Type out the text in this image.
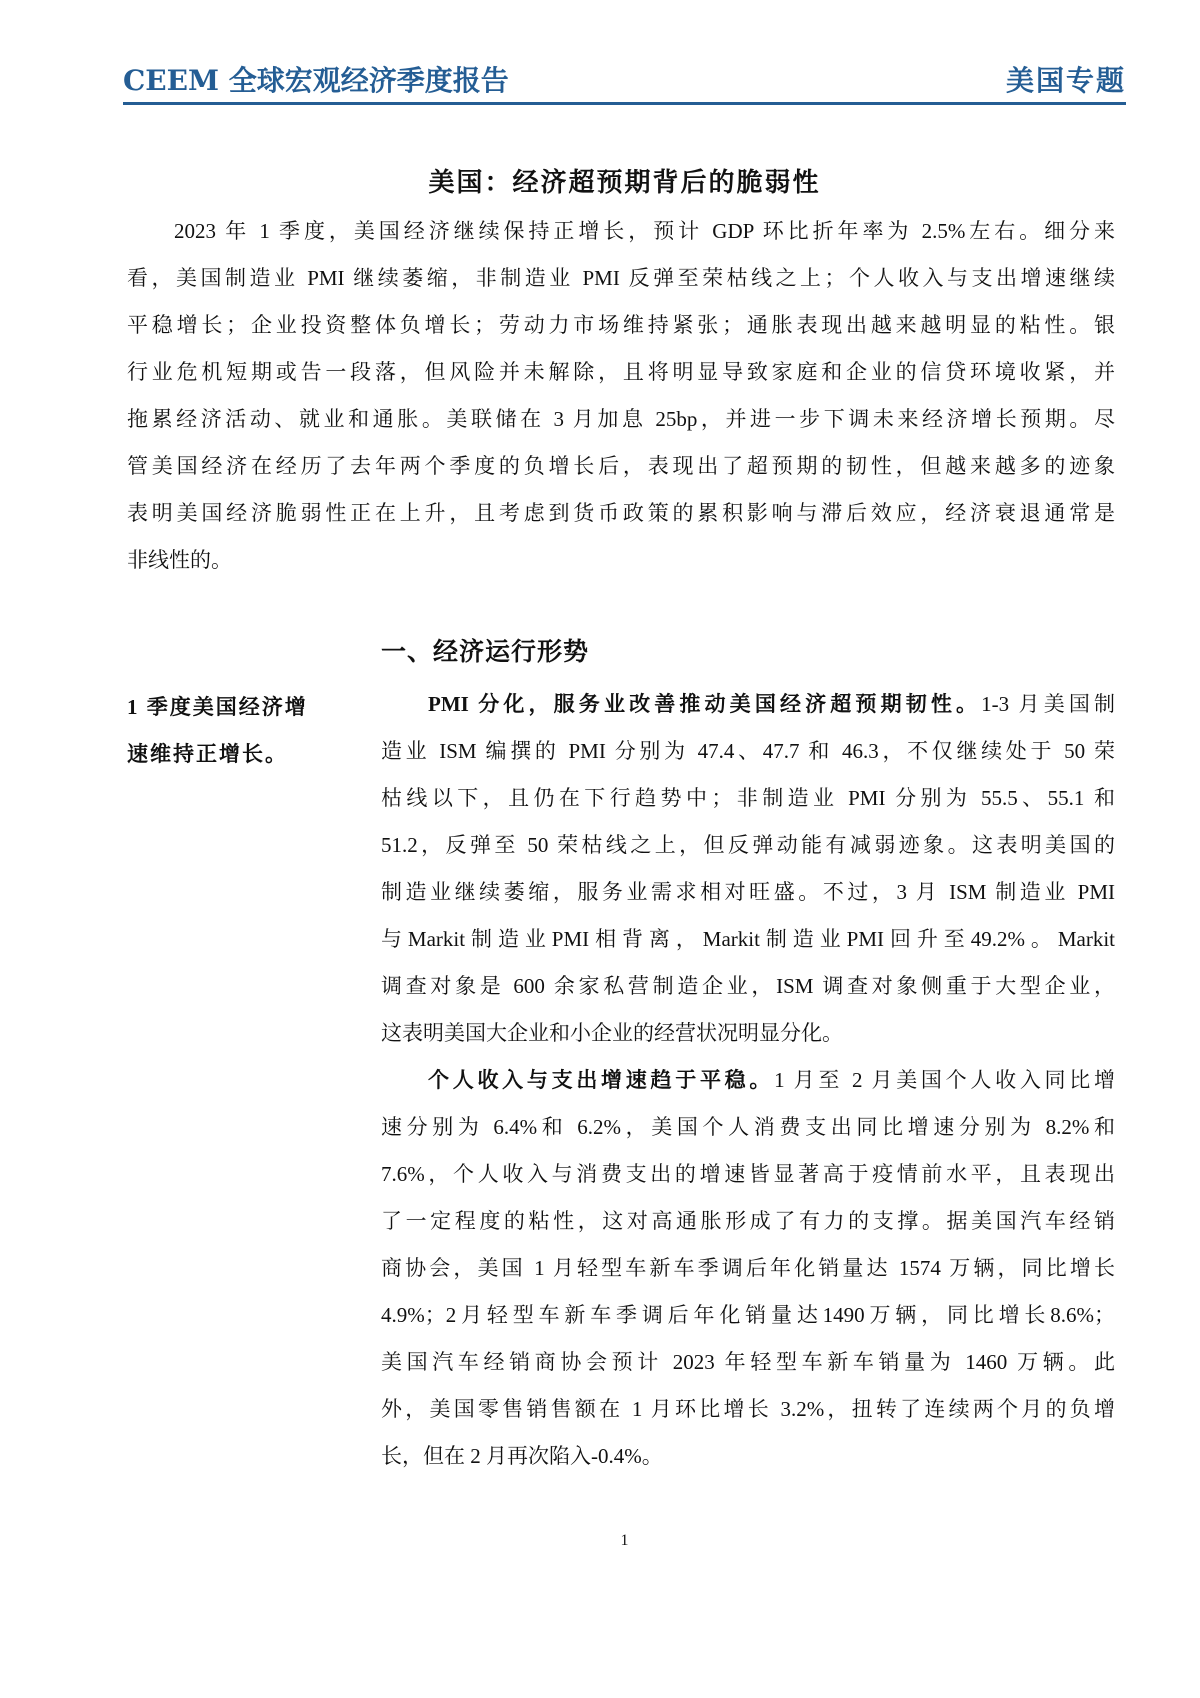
CEEM 全球宏观经济季度报告	美国专题
美国：经济超预期背后的脆弱性
2023 年 1 季度，美国经济继续保持正增长，预计 GDP 环比折年率为 2.5%左右。细分来
看，美国制造业 PMI 继续萎缩，非制造业 PMI 反弹至荣枯线之上；个人收入与支出增速继续
平稳增长；企业投资整体负增长；劳动力市场维持紧张；通胀表现出越来越明显的粘性。银
行业危机短期或告一段落，但风险并未解除，且将明显导致家庭和企业的信贷环境收紧，并
拖累经济活动、就业和通胀。美联储在 3 月加息 25bp，并进一步下调未来经济增长预期。尽
管美国经济在经历了去年两个季度的负增长后，表现出了超预期的韧性，但越来越多的迹象
表明美国经济脆弱性正在上升，且考虑到货币政策的累积影响与滞后效应，经济衰退通常是
非线性的。
一、经济运行形势
1 季度美国经济增
速维持正增长。
PMI 分化，服务业改善推动美国经济超预期韧性。1-3 月美国制
造业 ISM 编撰的 PMI 分别为 47.4、47.7 和 46.3，不仅继续处于 50 荣
枯线以下，且仍在下行趋势中；非制造业 PMI 分别为 55.5、55.1 和
51.2，反弹至 50 荣枯线之上，但反弹动能有减弱迹象。这表明美国的
制造业继续萎缩，服务业需求相对旺盛。不过，3 月 ISM 制造业 PMI
与Markit制造业PMI相背离，Markit制造业PMI回升至49.2%。Markit
调查对象是 600 余家私营制造企业，ISM 调查对象侧重于大型企业，
这表明美国大企业和小企业的经营状况明显分化。
个人收入与支出增速趋于平稳。1 月至 2 月美国个人收入同比增
速分别为 6.4%和 6.2%，美国个人消费支出同比增速分别为 8.2%和
7.6%，个人收入与消费支出的增速皆显著高于疫情前水平，且表现出
了一定程度的粘性，这对高通胀形成了有力的支撑。据美国汽车经销
商协会，美国 1 月轻型车新车季调后年化销量达 1574 万辆，同比增长
4.9%；2月轻型车新车季调后年化销量达1490万辆，同比增长8.6%；
美国汽车经销商协会预计 2023 年轻型车新车销量为 1460 万辆。此
外，美国零售销售额在 1 月环比增长 3.2%，扭转了连续两个月的负增
长，但在 2 月再次陷入-0.4%。
1
